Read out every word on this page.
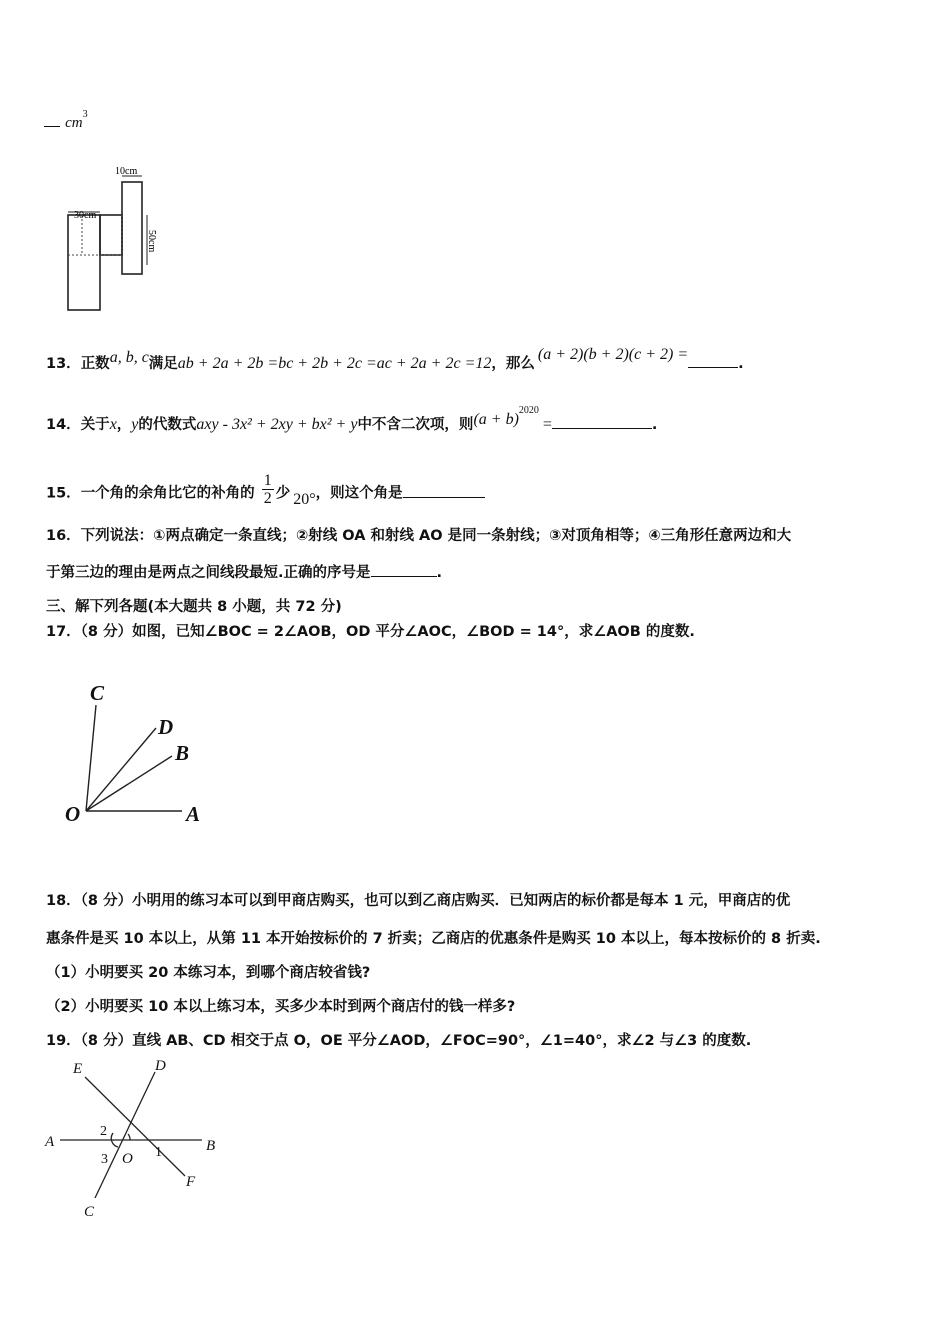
$cm^3$
10cm
30cm
50cm
13．正数a, b, c满足ab + 2a + 2b =bc + 2b + 2c =ac + 2a + 2c =12，那么(a + 2)(b + 2)(c + 2) =.
14．关于x，y的代数式axy - 3x² + 2xy + bx² + y中不含二次项，则$(a + b)^{2020}=$	.
15．一个角的余角比它的补角的 $\frac{1}{2}$ 少 20°，则这个角是
16．下列说法：①两点确定一条直线；②射线 OA 和射线 AO 是同一条射线；③对顶角相等；④三角形任意两边和大
于第三边的理由是两点之间线段最短.正确的序号是	.
三、解下列各题(本大题共 8 小题，共 72 分)
17．（8 分）如图，已知∠BOC = 2∠AOB，OD 平分∠AOC，∠BOD = 14°，求∠AOB 的度数.
C
D
B
O	A
18．（8 分）小明用的练习本可以到甲商店购买，也可以到乙商店购买．已知两店的标价都是每本 1 元，甲商店的优
惠条件是买 10 本以上，从第 11 本开始按标价的 7 折卖；乙商店的优惠条件是购买 10 本以上，每本按标价的 8 折卖.
（1）小明要买 20 本练习本，到哪个商店较省钱?
（2）小明要买 10 本以上练习本，买多少本时到两个商店付的钱一样多?
19．（8 分）直线 AB、CD 相交于点 O，OE 平分∠AOD，∠FOC=90°，∠1=40°，求∠2 与∠3 的度数.
E	D
A	B
C
F
O
2
3	1
